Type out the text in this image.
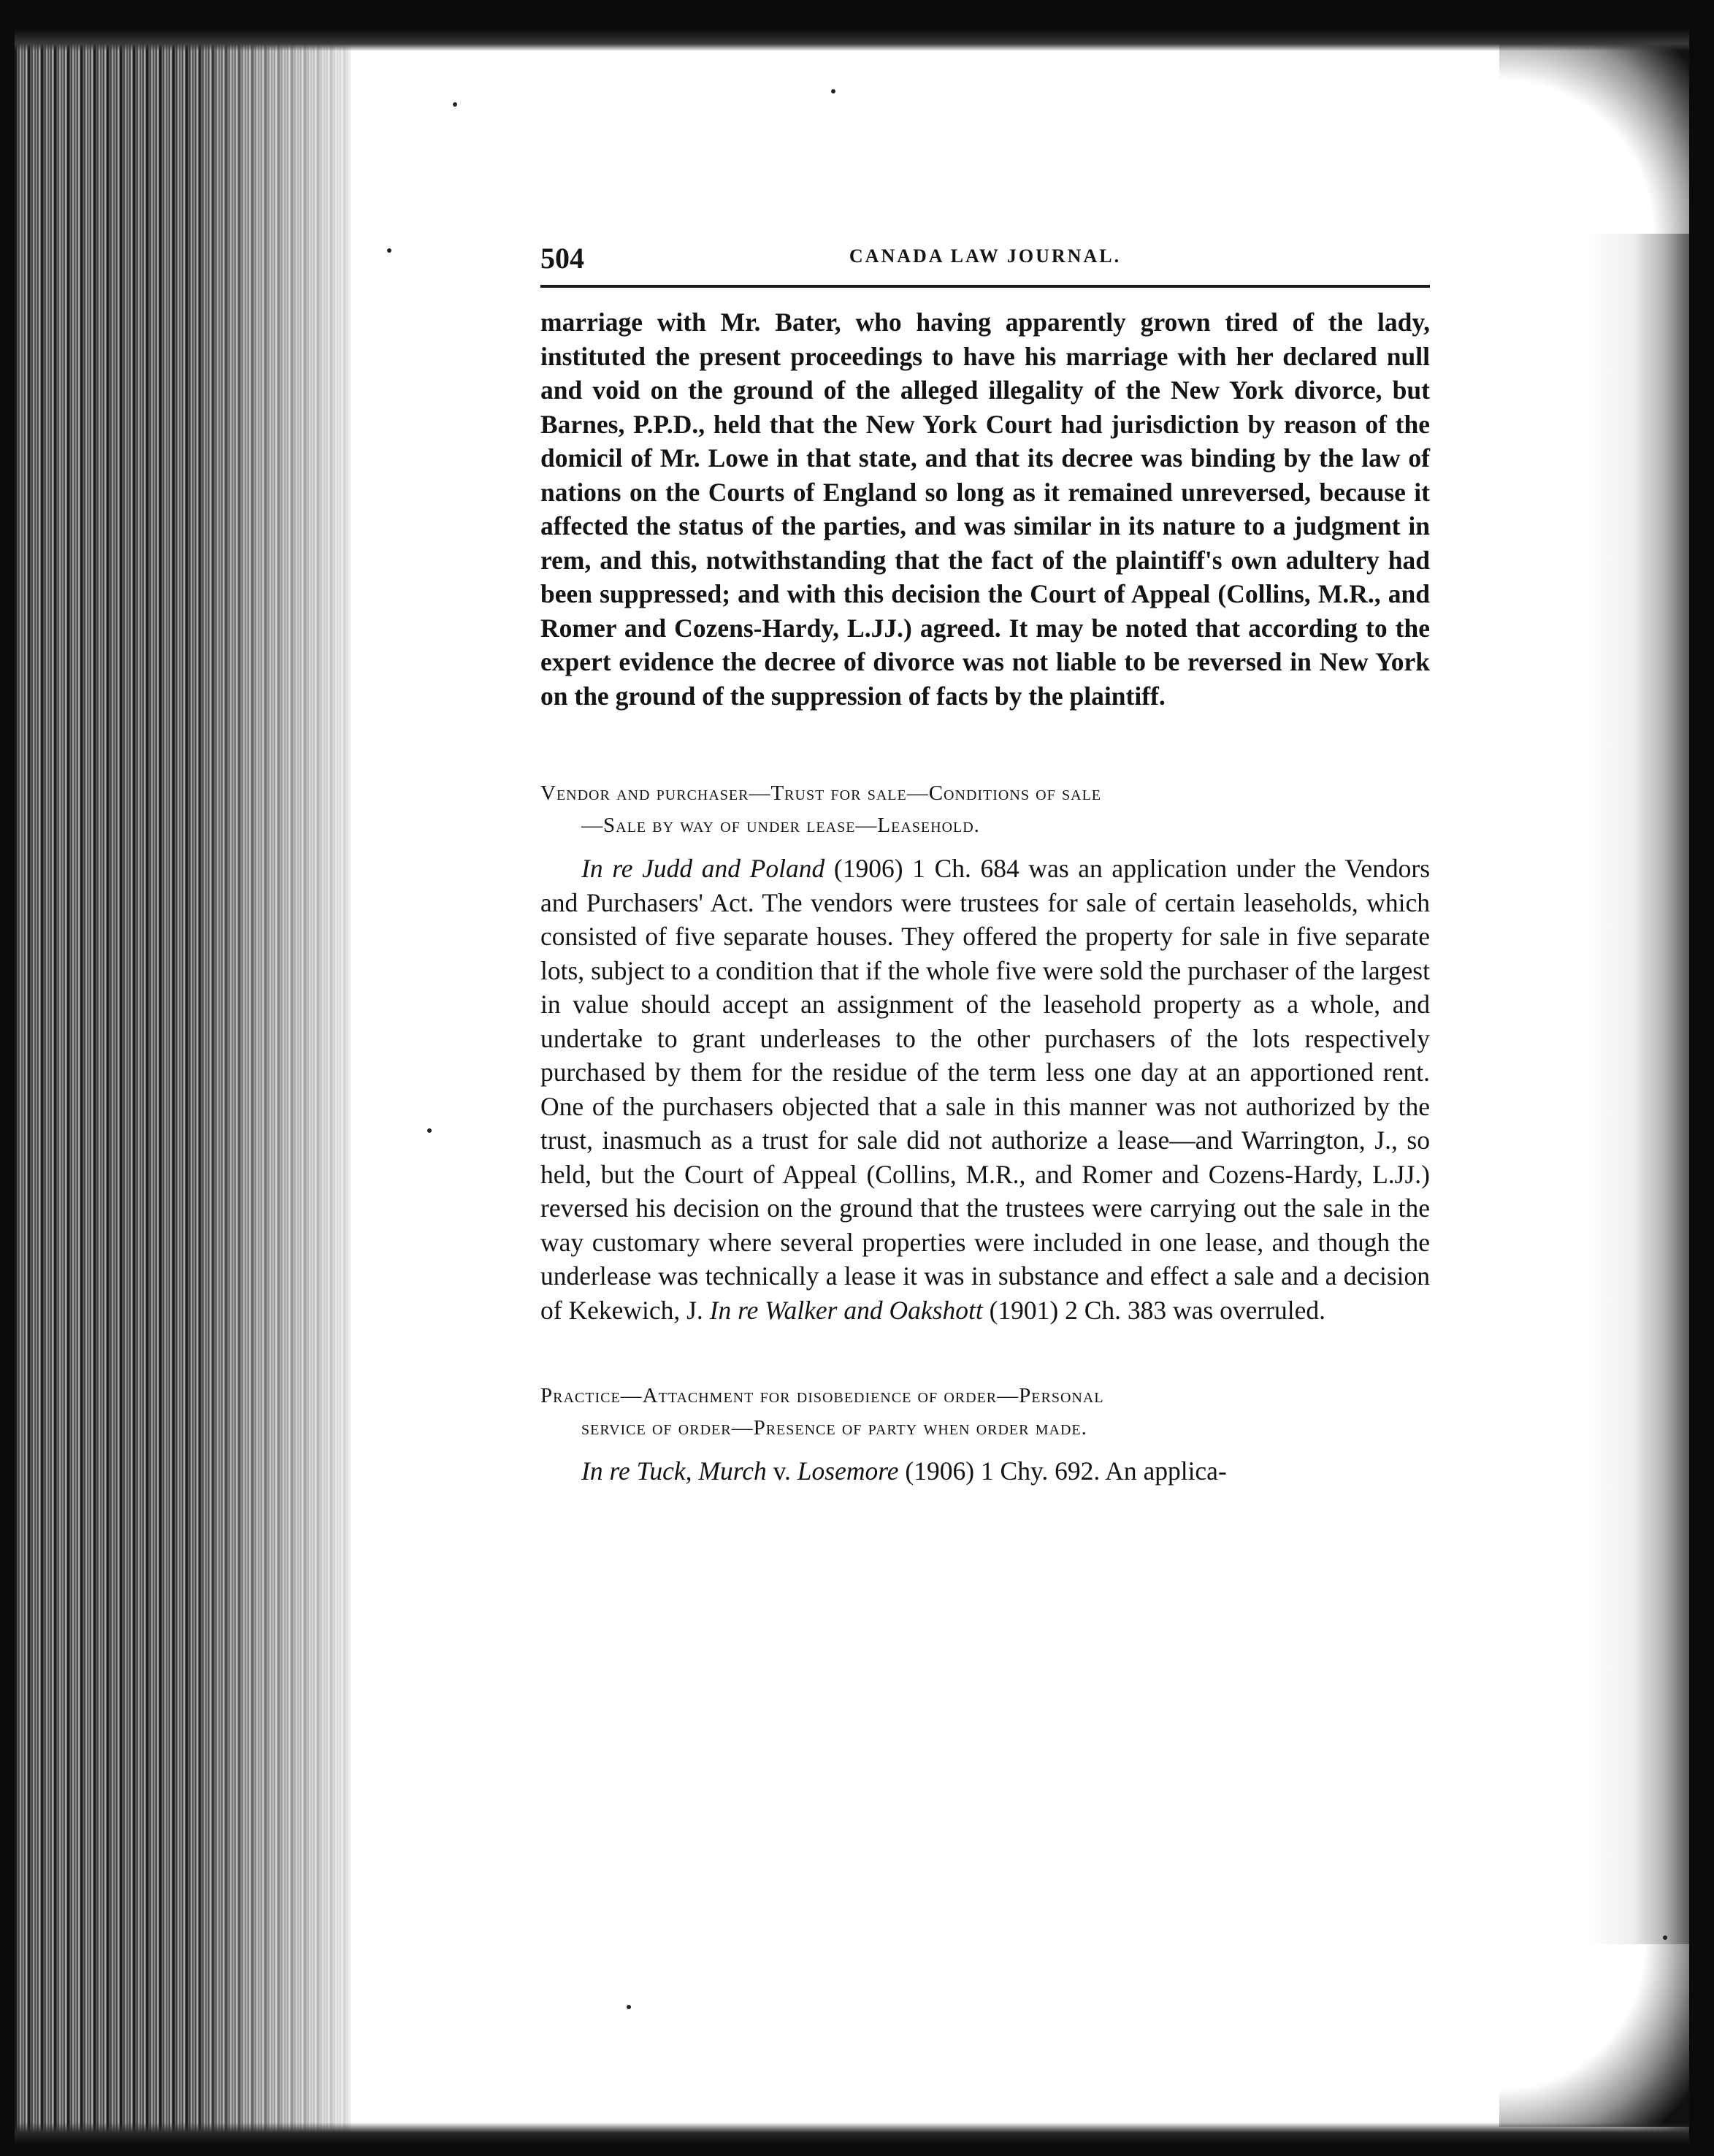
504	CANADA LAW JOURNAL.

marriage with Mr. Bater, who having apparently grown tired of the lady, instituted the present proceedings to have his marriage with her declared null and void on the ground of the alleged illegality of the New York divorce, but Barnes, P.P.D., held that the New York Court had jurisdiction by reason of the domicil of Mr. Lowe in that state, and that its decree was binding by the law of nations on the Courts of England so long as it remained unreversed, because it affected the status of the parties, and was similar in its nature to a judgment in rem, and this, notwithstanding that the fact of the plaintiff's own adultery had been suppressed; and with this decision the Court of Appeal (Collins, M.R., and Romer and Cozens-Hardy, L.JJ.) agreed. It may be noted that according to the expert evidence the decree of divorce was not liable to be reversed in New York on the ground of the suppression of facts by the plaintiff.

Vendor and purchaser—Trust for sale—Conditions of sale
—Sale by way of under lease—Leasehold.

In re Judd and Poland (1906) 1 Ch. 684 was an application under the Vendors and Purchasers' Act. The vendors were trustees for sale of certain leaseholds, which consisted of five separate houses. They offered the property for sale in five separate lots, subject to a condition that if the whole five were sold the purchaser of the largest in value should accept an assignment of the leasehold property as a whole, and undertake to grant underleases to the other purchasers of the lots respectively purchased by them for the residue of the term less one day at an apportioned rent. One of the purchasers objected that a sale in this manner was not authorized by the trust, inasmuch as a trust for sale did not authorize a lease—and Warrington, J., so held, but the Court of Appeal (Collins, M.R., and Romer and Cozens-Hardy, L.JJ.) reversed his decision on the ground that the trustees were carrying out the sale in the way customary where several properties were included in one lease, and though the underlease was technically a lease it was in substance and effect a sale and a decision of Kekewich, J. In re Walker and Oakshott (1901) 2 Ch. 383 was overruled.

Practice—Attachment for disobedience of order—Personal
service of order—Presence of party when order made.

In re Tuck, Murch v. Losemore (1906) 1 Chy. 692. An applica-
